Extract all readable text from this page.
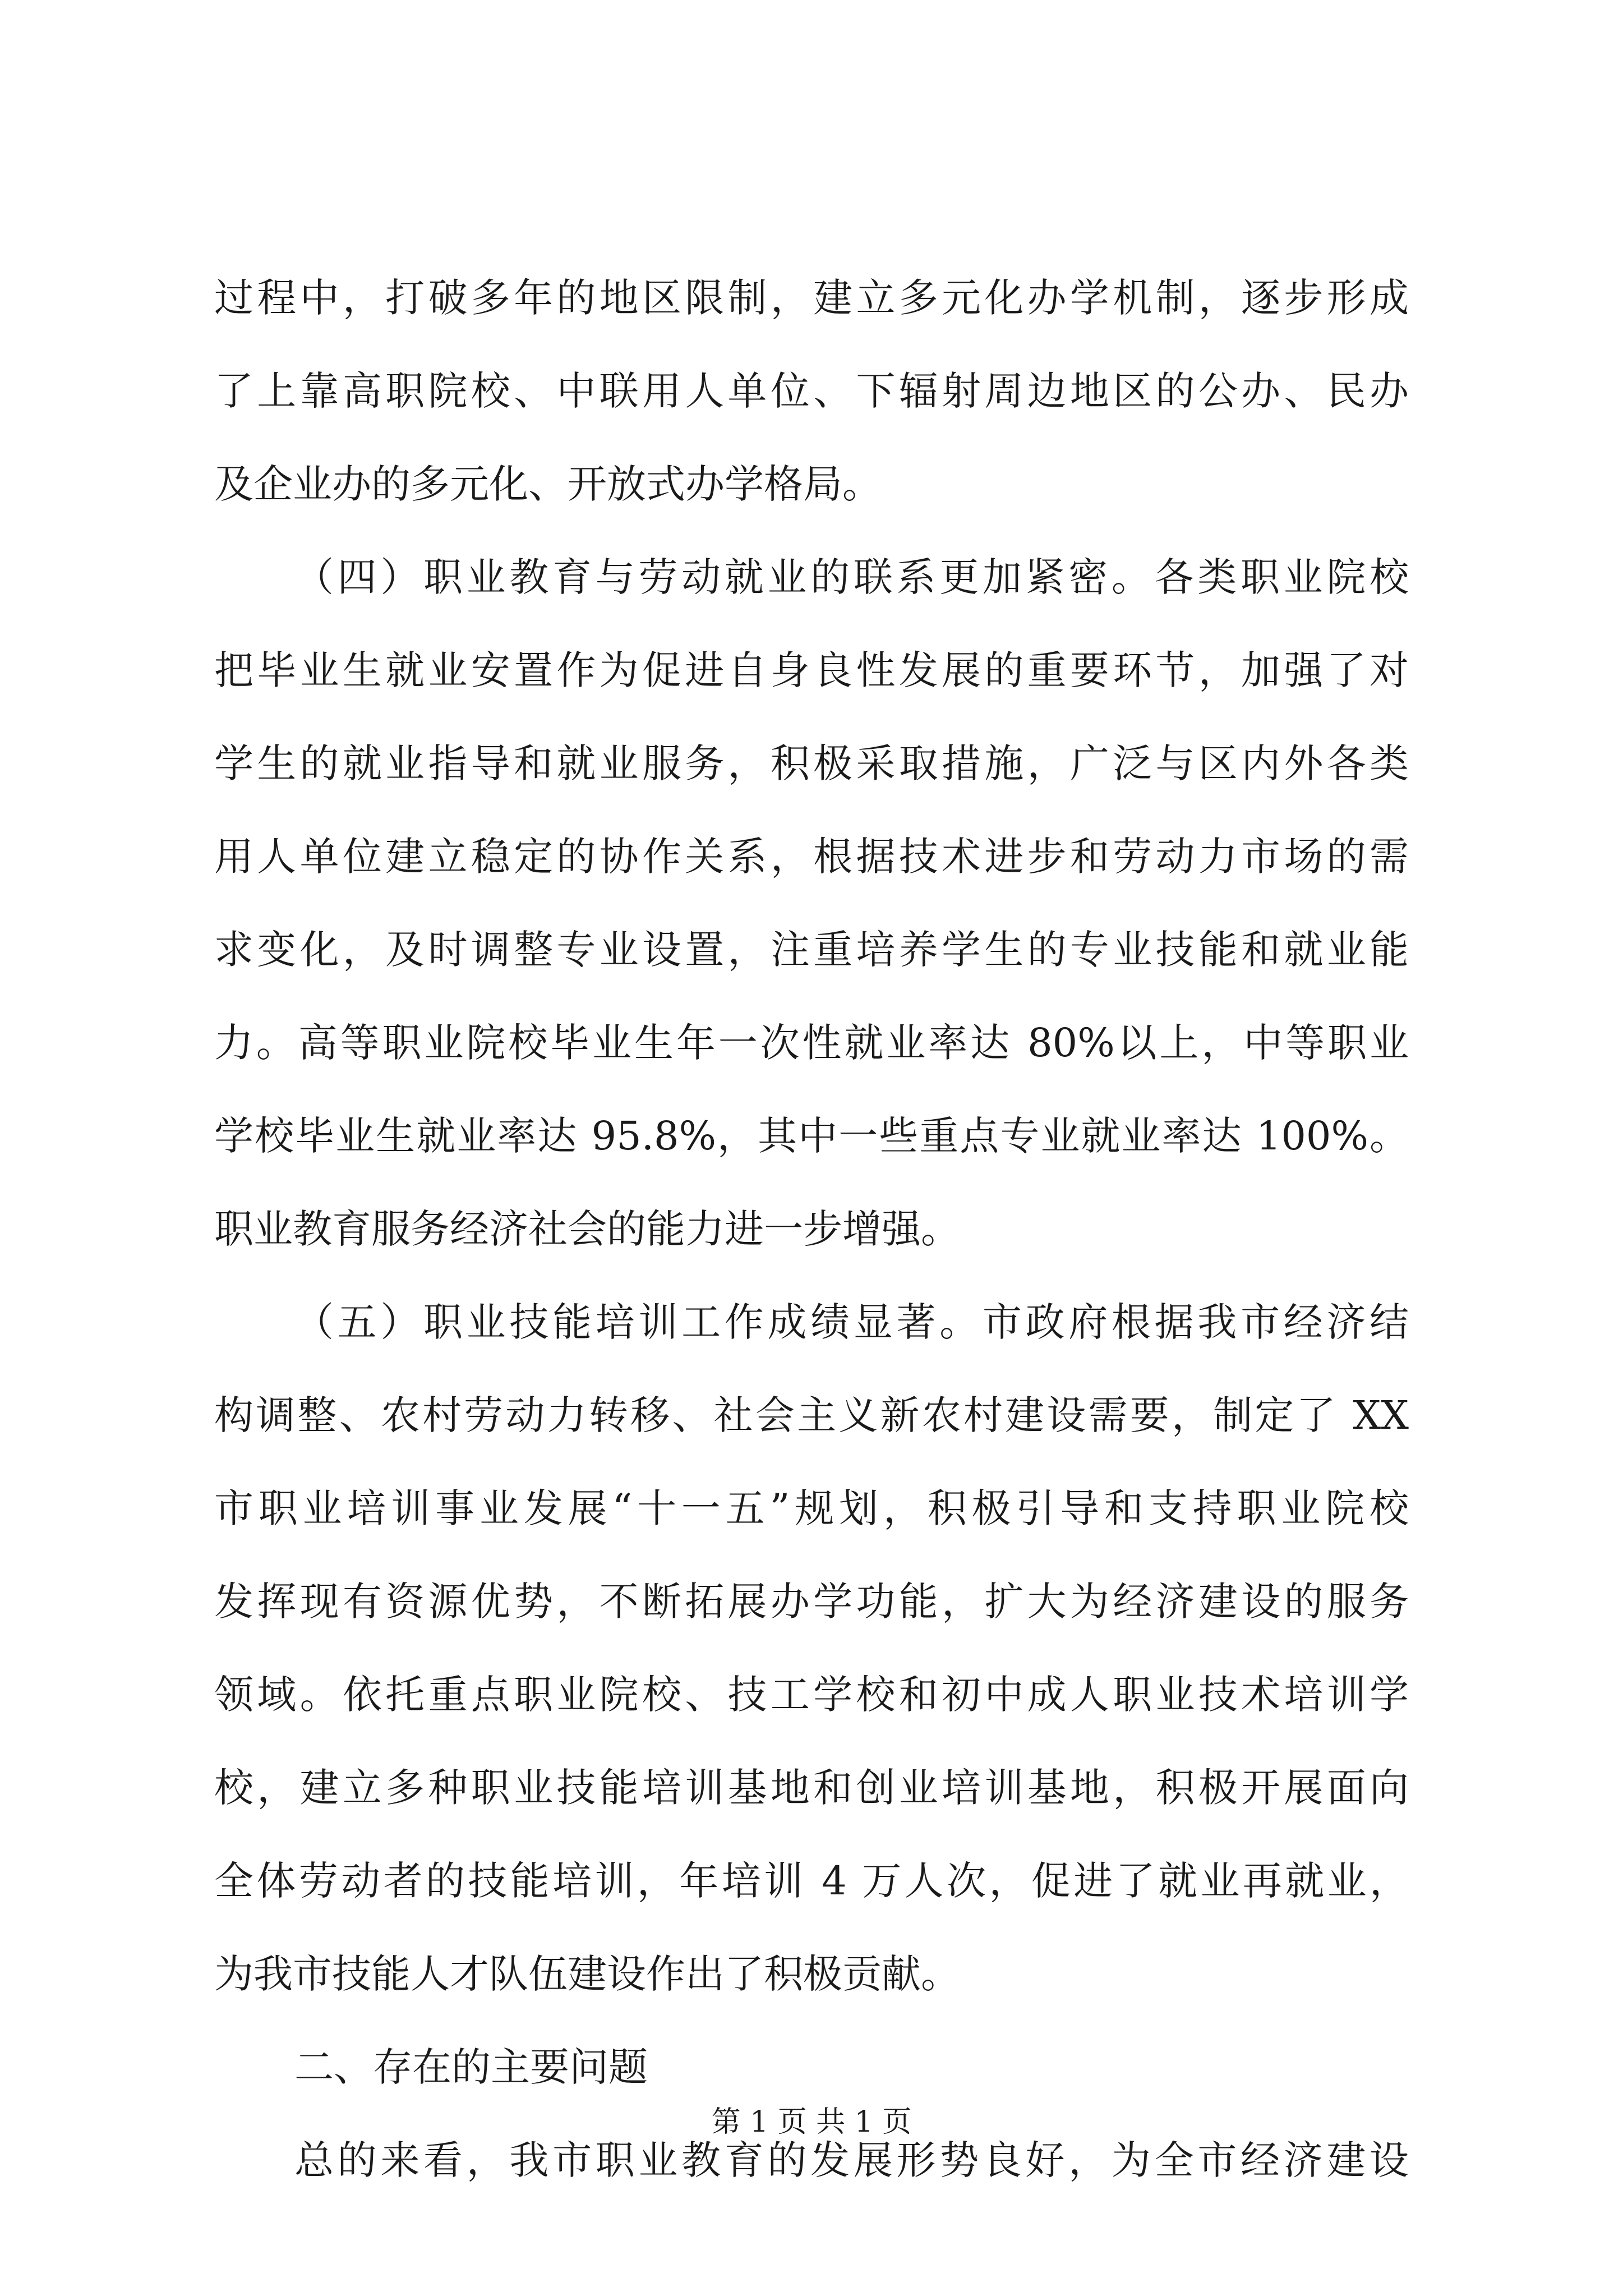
过程中，打破多年的地区限制，建立多元化办学机制，逐步形成
了上靠高职院校、中联用人单位、下辐射周边地区的公办、民办
及企业办的多元化、开放式办学格局。
（四）职业教育与劳动就业的联系更加紧密。各类职业院校
把毕业生就业安置作为促进自身良性发展的重要环节，加强了对
学生的就业指导和就业服务，积极采取措施，广泛与区内外各类
用人单位建立稳定的协作关系，根据技术进步和劳动力市场的需
求变化，及时调整专业设置，注重培养学生的专业技能和就业能
力。高等职业院校毕业生年一次性就业率达 80%以上，中等职业
学校毕业生就业率达 95.8%，其中一些重点专业就业率达 100%。
职业教育服务经济社会的能力进一步增强。
（五）职业技能培训工作成绩显著。市政府根据我市经济结
构调整、农村劳动力转移、社会主义新农村建设需要，制定了 XX
市职业培训事业发展“十一五”规划，积极引导和支持职业院校
发挥现有资源优势，不断拓展办学功能，扩大为经济建设的服务
领域。依托重点职业院校、技工学校和初中成人职业技术培训学
校，建立多种职业技能培训基地和创业培训基地，积极开展面向
全体劳动者的技能培训，年培训 4 万人次，促进了就业再就业，
为我市技能人才队伍建设作出了积极贡献。
二、存在的主要问题
总的来看，我市职业教育的发展形势良好，为全市经济建设
第 1 页 共 1 页
